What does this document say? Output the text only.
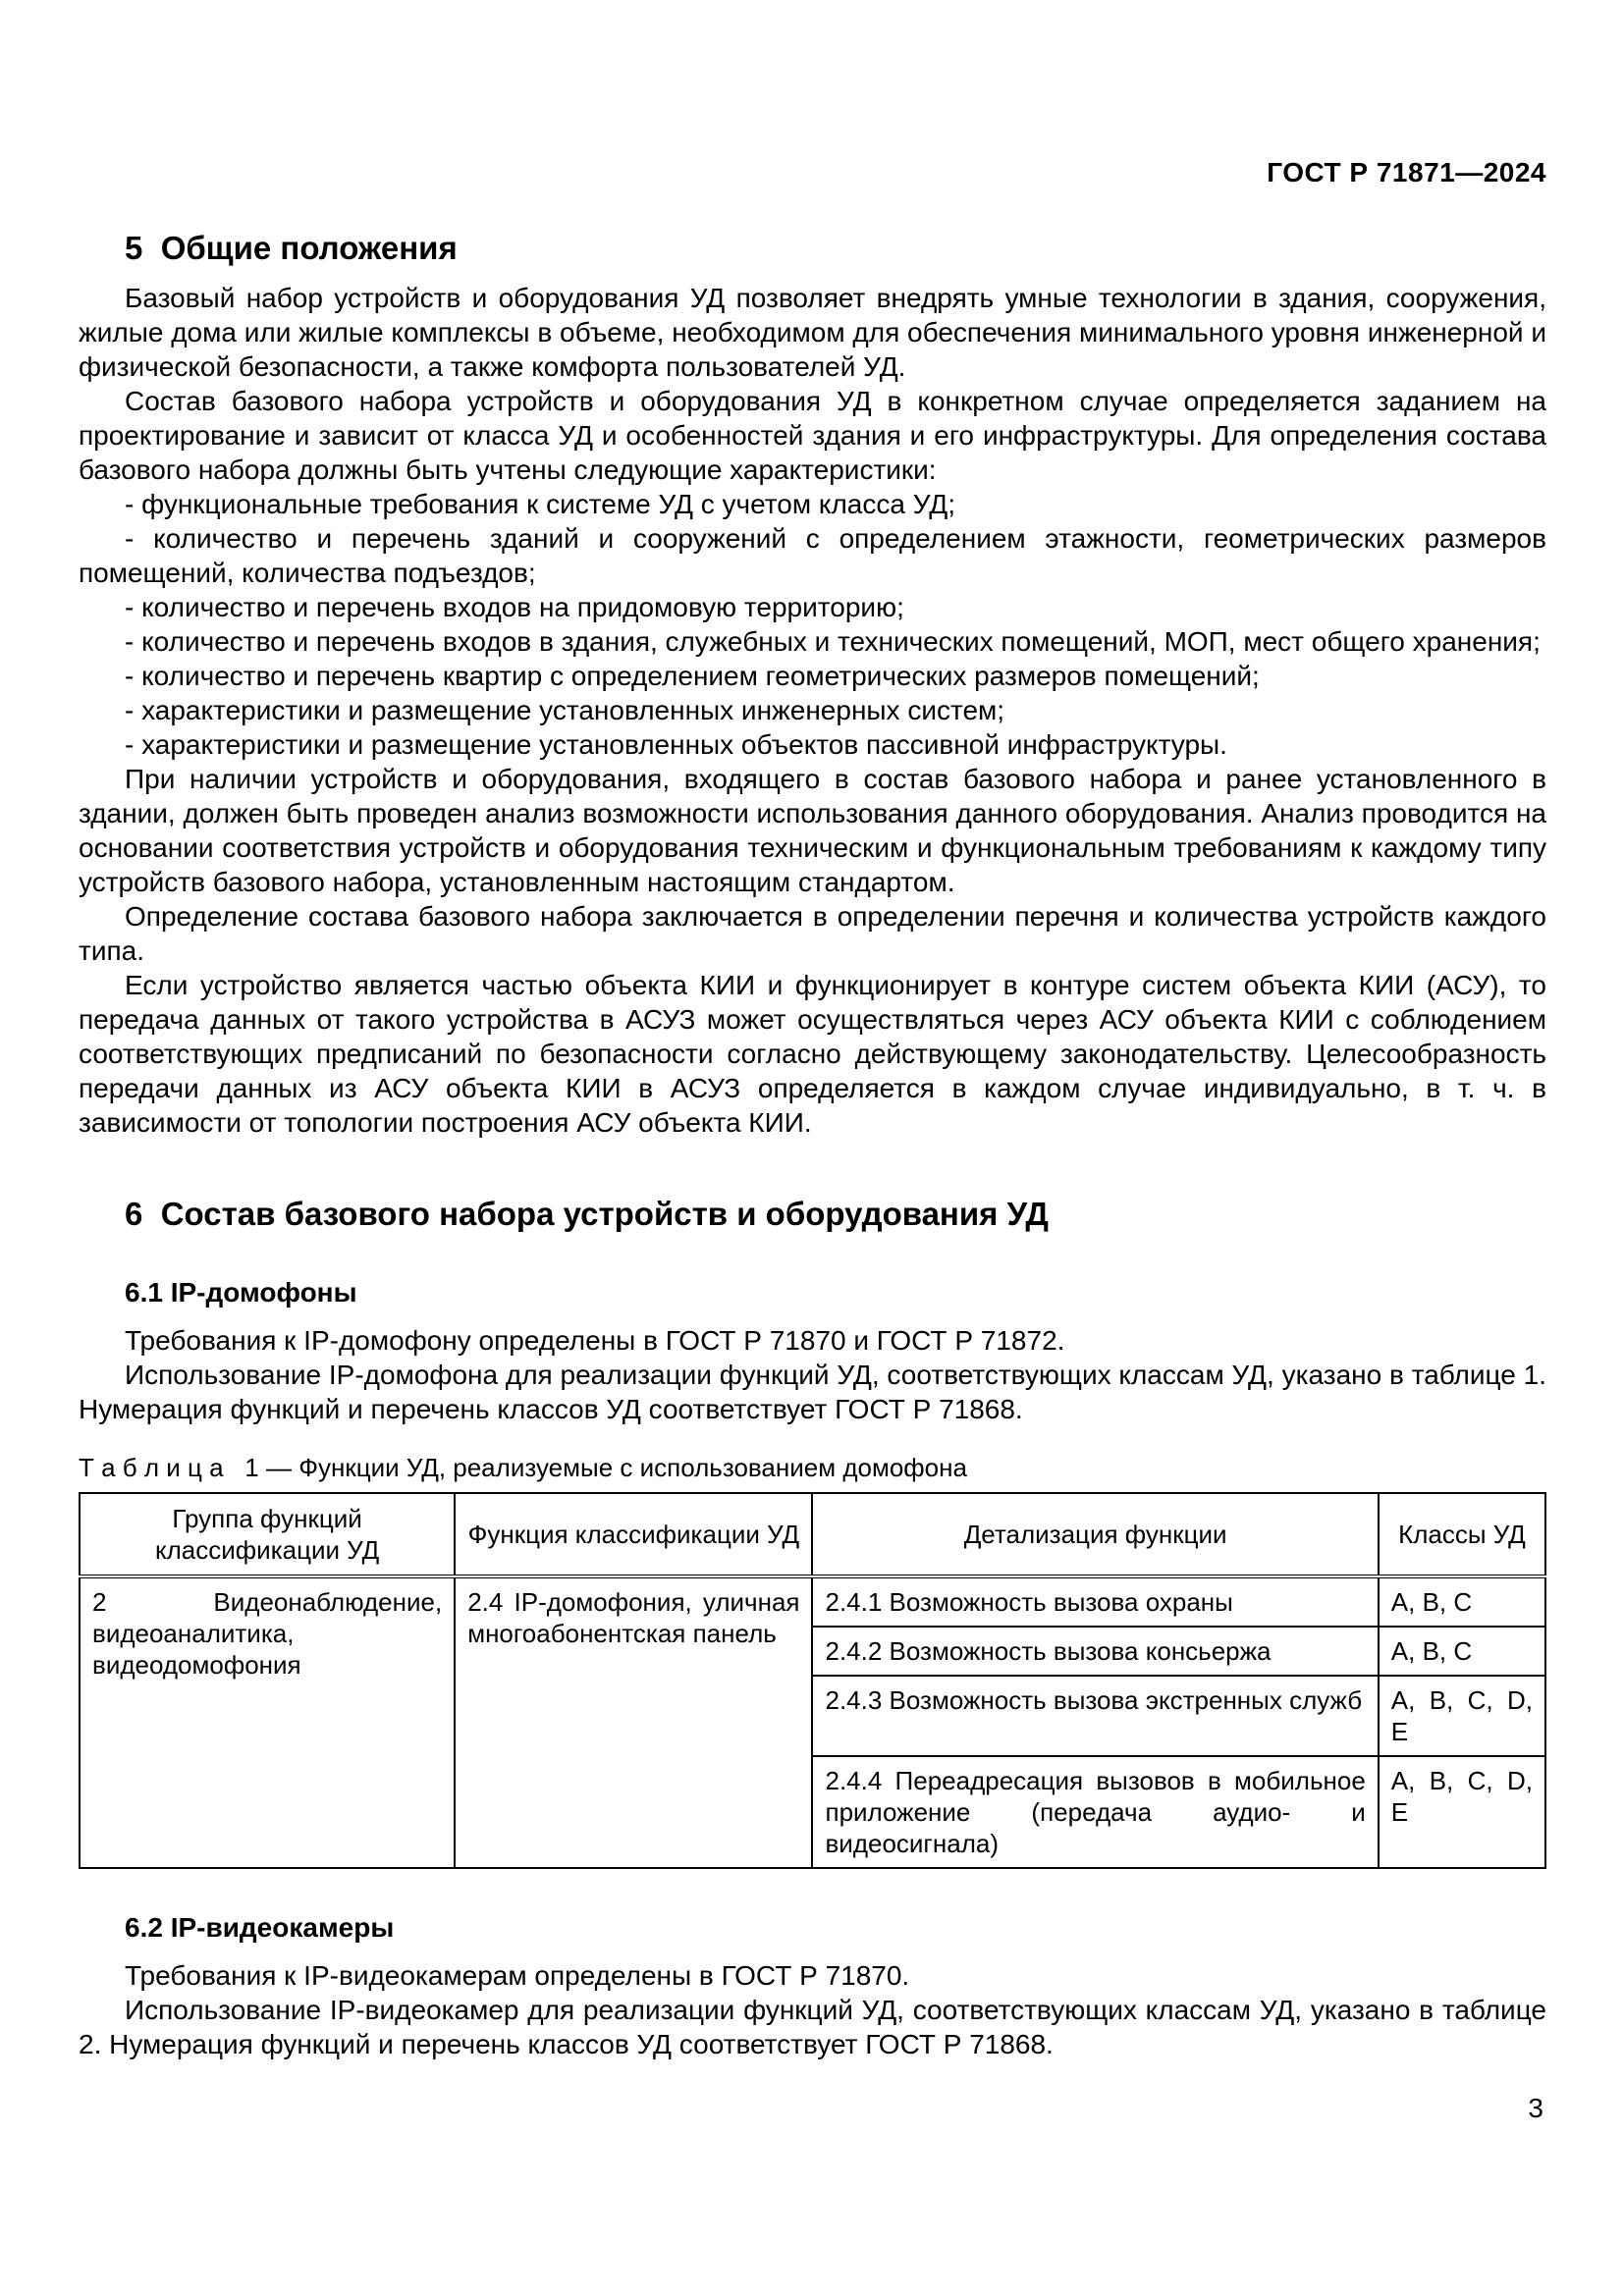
ГОСТ Р 71871—2024
5  Общие положения

Базовый набор устройств и оборудования УД позволяет внедрять умные технологии в здания, сооружения, жилые дома или жилые комплексы в объеме, необходимом для обеспечения минимального уровня инженерной и физической безопасности, а также комфорта пользователей УД.

Состав базового набора устройств и оборудования УД в конкретном случае определяется заданием на проектирование и зависит от класса УД и особенностей здания и его инфраструктуры. Для определения состава базового набора должны быть учтены следующие характеристики:

- функциональные требования к системе УД с учетом класса УД;

- количество и перечень зданий и сооружений с определением этажности, геометрических размеров помещений, количества подъездов;

- количество и перечень входов на придомовую территорию;

- количество и перечень входов в здания, служебных и технических помещений, МОП, мест общего хранения;

- количество и перечень квартир с определением геометрических размеров помещений;

- характеристики и размещение установленных инженерных систем;

- характеристики и размещение установленных объектов пассивной инфраструктуры.

При наличии устройств и оборудования, входящего в состав базового набора и ранее установленного в здании, должен быть проведен анализ возможности использования данного оборудования. Анализ проводится на основании соответствия устройств и оборудования техническим и функциональным требованиям к каждому типу устройств базового набора, установленным настоящим стандартом.

Определение состава базового набора заключается в определении перечня и количества устройств каждого типа.

Если устройство является частью объекта КИИ и функционирует в контуре систем объекта КИИ (АСУ), то передача данных от такого устройства в АСУЗ может осуществляться через АСУ объекта КИИ с соблюдением соответствующих предписаний по безопасности согласно действующему законодательству. Целесообразность передачи данных из АСУ объекта КИИ в АСУЗ определяется в каждом случае индивидуально, в т. ч. в зависимости от топологии построения АСУ объекта КИИ.

6  Состав базового набора устройств и оборудования УД
6.1 IP-домофоны

Требования к IP-домофону определены в ГОСТ Р 71870 и ГОСТ Р 71872.

Использование IP-домофона для реализации функций УД, соответствующих классам УД, указано в таблице 1. Нумерация функций и перечень классов УД соответствует ГОСТ Р 71868.

Т а б л и ц а   1 — Функции УД, реализуемые с использованием домофона
Группа функций классификации УД	Функция классификации УД	Детализация функции	Классы УД
2 Видеонаблюдение, видеоаналитика, видеодомофония	2.4 IP-домофония, уличная многоабонентская панель	2.4.1 Возможность вызова охраны	А, В, С
		2.4.2 Возможность вызова консьержа	А, В, С
		2.4.3 Возможность вызова экстренных служб	А, В, С, D, E
		2.4.4 Переадресация вызовов в мобильное приложение (передача аудио- и видеосигнала)	А, В, С, D, E
6.2 IP-видеокамеры

Требования к IP-видеокамерам определены в ГОСТ Р 71870.

Использование IP-видеокамер для реализации функций УД, соответствующих классам УД, указано в таблице 2. Нумерация функций и перечень классов УД соответствует ГОСТ Р 71868.

3
